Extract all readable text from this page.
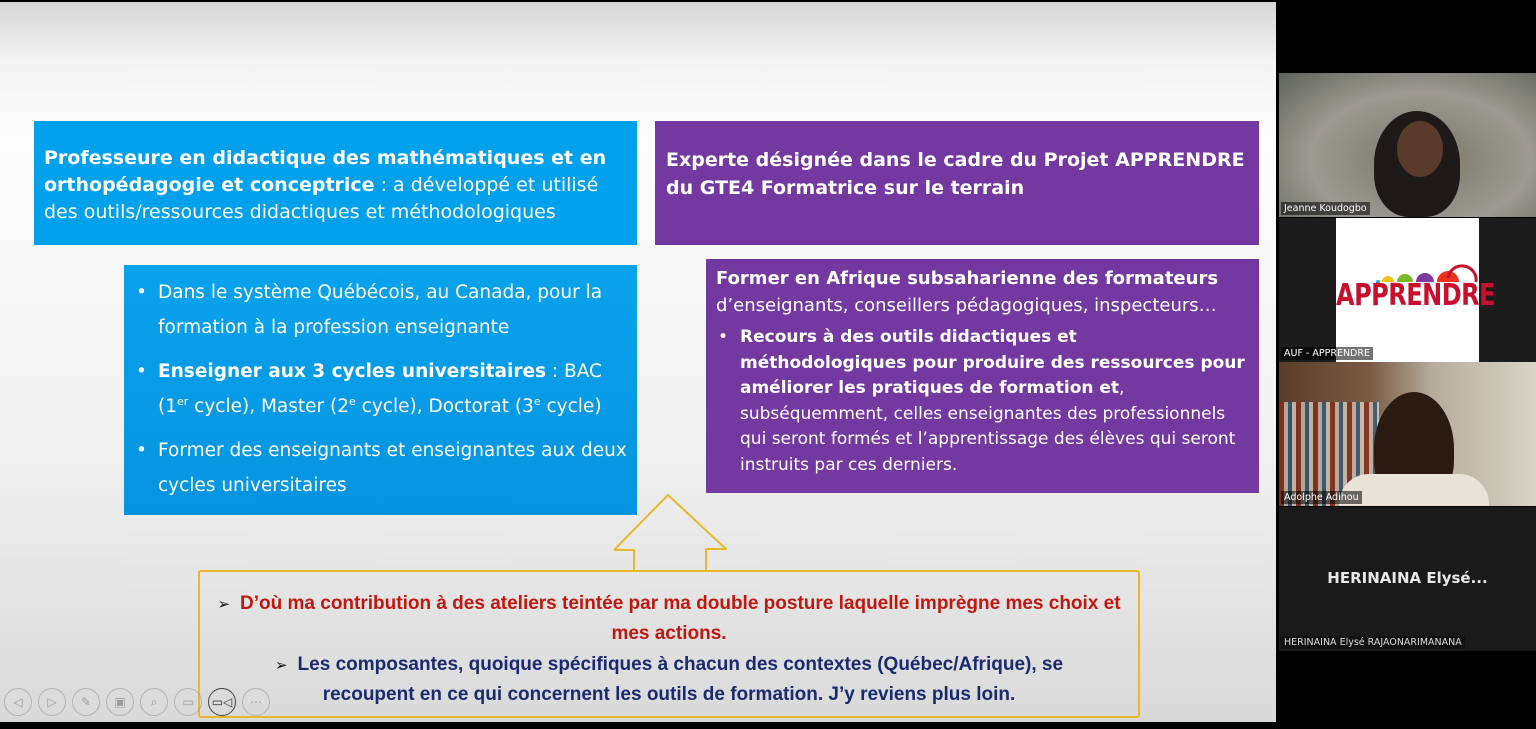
Professeure en didactique des mathématiques et en orthopédagogie et conceptrice : a développé et utilisé des outils/ressources didactiques et méthodologiques
Experte désignée dans le cadre du Projet APPRENDRE du GTE4 Formatrice sur le terrain
• Dans le système Québécois, au Canada, pour la formation à la profession enseignante
• Enseigner aux 3 cycles universitaires : BAC (1er cycle), Master (2e cycle), Doctorat (3e cycle)
• Former des enseignants et enseignantes aux deux cycles universitaires
Former en Afrique subsaharienne des formateurs d’enseignants, conseillers pédagogiques, inspecteurs…
• Recours à des outils didactiques et méthodologiques pour produire des ressources pour améliorer les pratiques de formation et, subséquemment, celles enseignantes des professionnels qui seront formés et l’apprentissage des élèves qui seront instruits par ces derniers.
➢ D’où ma contribution à des ateliers teintée par ma double posture laquelle imprègne mes choix et mes actions.
➢ Les composantes, quoique spécifiques à chacun des contextes (Québec/Afrique), se recoupent en ce qui concernent les outils de formation. J’y reviens plus loin.
◁ ▷ ✎ ▣ ⌕ ▭ ▭◁ ⋯
Jeanne Koudogbo
APPRENDRE
AUF - APPRENDRE
Adolphe Adihou
HERINAINA Elysé...
HERINAINA Elysé RAJAONARIMANANA
